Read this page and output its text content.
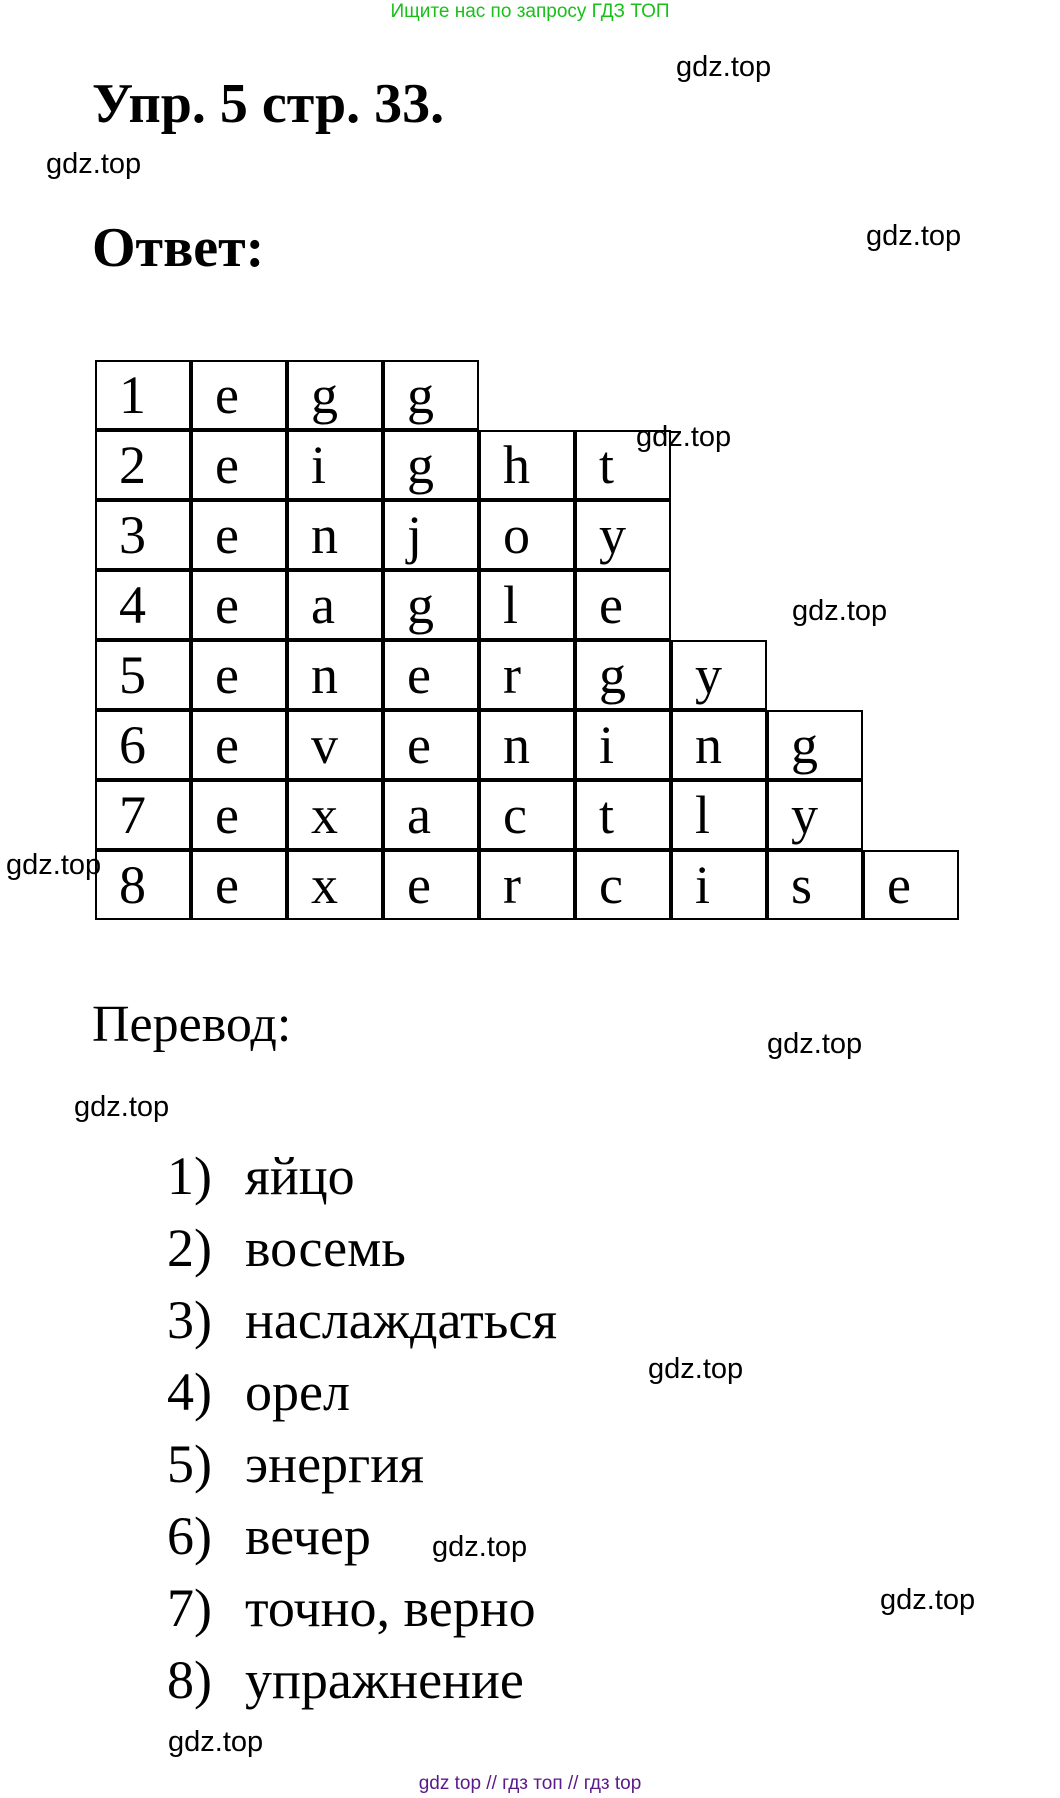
Ищите нас по запросу ГДЗ ТОП
Упр. 5 стр. 33.
Ответ:
1	e	g	g
2	e	i	g	h	t
3	e	n	j	o	y
4	e	a	g	l	e
5	e	n	e	r	g	y
6	e	v	e	n	i	n	g
7	e	x	a	c	t	l	y
8	e	x	e	r	c	i	s	e
Перевод:
1) яйцо
2) восемь
3) наслаждаться
4) орел
5) энергия
6) вечер
7) точно, верно
8) упражнение
gdz.top
gdz.top
gdz.top
gdz.top
gdz.top
gdz.top
gdz.top
gdz.top
gdz.top
gdz.top
gdz.top
gdz.top
gdz top // гдз топ // гдз top
